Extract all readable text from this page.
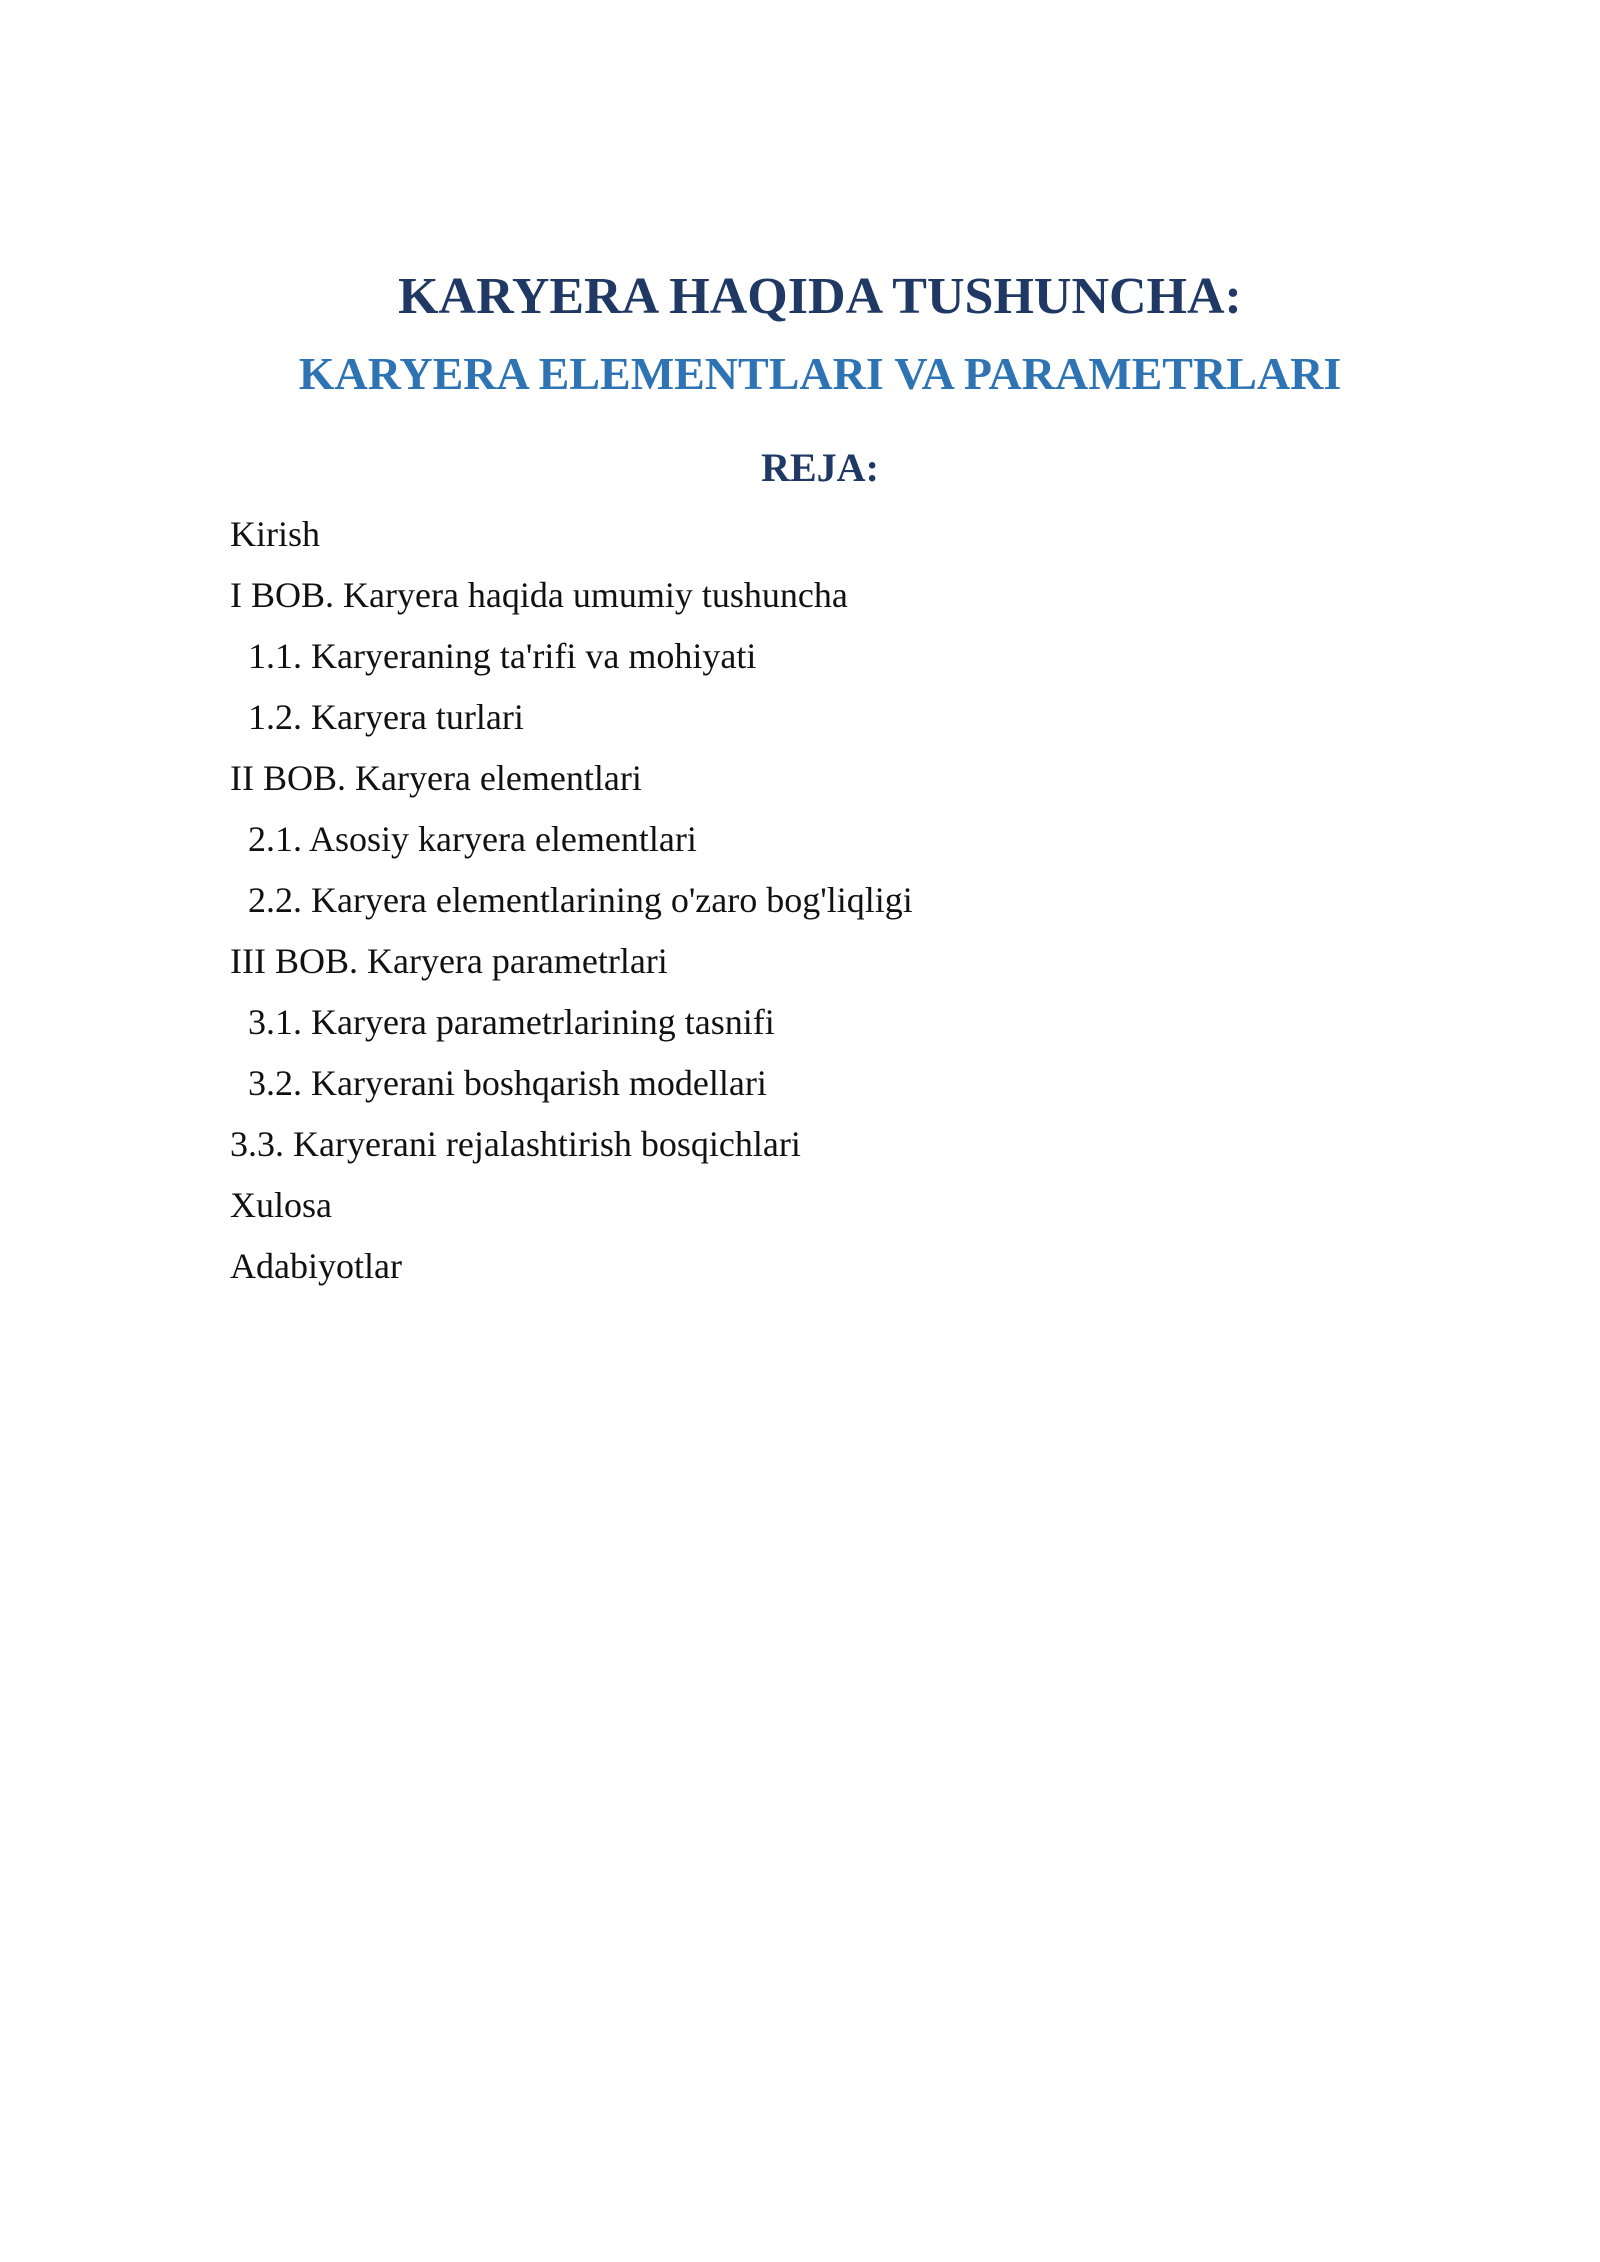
KARYERA HAQIDA TUSHUNCHA:
KARYERA ELEMENTLARI VA PARAMETRLARI
REJA:
Kirish
I BOB. Karyera haqida umumiy tushuncha
1.1. Karyeraning ta'rifi va mohiyati
1.2. Karyera turlari
II BOB. Karyera elementlari
2.1. Asosiy karyera elementlari
2.2. Karyera elementlarining o'zaro bog'liqligi
III BOB. Karyera parametrlari
3.1. Karyera parametrlarining tasnifi
3.2. Karyerani boshqarish modellari
3.3. Karyerani rejalashtirish bosqichlari
Xulosa
Adabiyotlar
